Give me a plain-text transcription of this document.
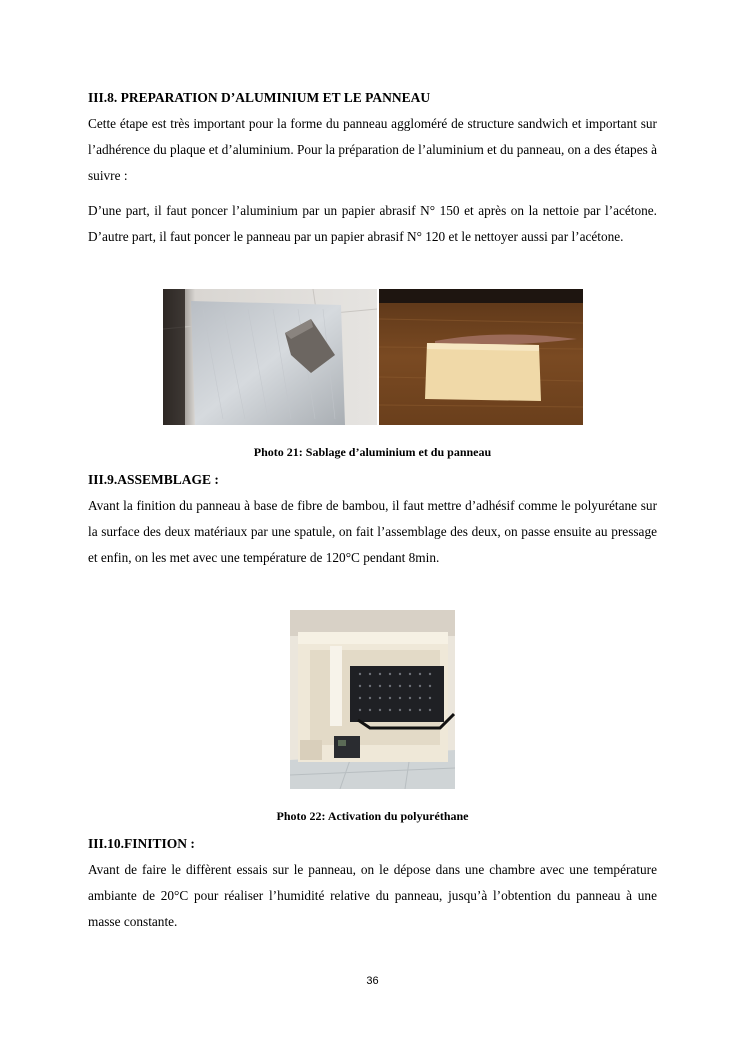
III.8. PREPARATION D’ALUMINIUM ET LE PANNEAU

Cette étape est très important pour la forme du panneau aggloméré de structure sandwich et important sur l’adhérence du plaque et d’aluminium. Pour la préparation de l’aluminium et du panneau, on a des étapes à suivre :

D’une part, il faut poncer l’aluminium par un papier abrasif N° 150 et après on la nettoie par l’acétone. D’autre part, il faut poncer le panneau par un papier abrasif N° 120 et le nettoyer aussi par l’acétone.

Photo 21: Sablage d’aluminium et du panneau

III.9.ASSEMBLAGE :

Avant la finition du panneau à base de fibre de bambou, il faut mettre d’adhésif comme le polyurétane sur la surface des deux matériaux par une spatule, on fait l’assemblage des deux, on passe ensuite au pressage et enfin, on les met avec une température de 120°C pendant 8min.

Photo 22: Activation du polyuréthane

III.10.FINITION :

Avant de faire le diffèrent essais sur le panneau, on le dépose dans une chambre avec une température ambiante de 20°C pour réaliser l’humidité relative du panneau, jusqu’à l’obtention du panneau à une masse constante.

36
